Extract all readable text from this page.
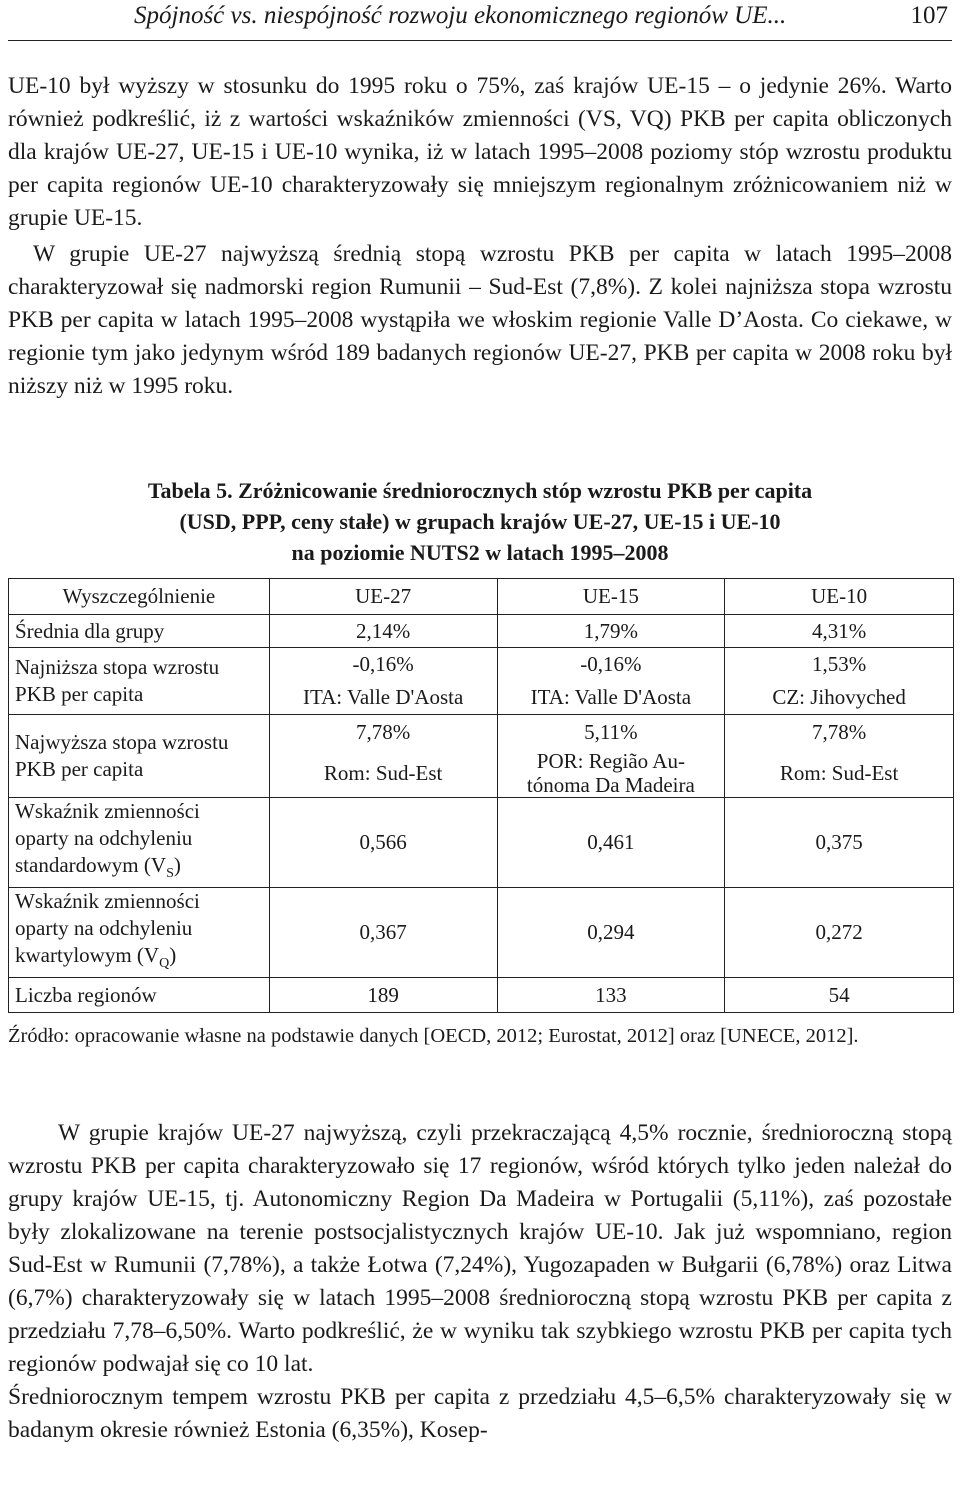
Spójność vs. niespójność rozwoju ekonomicznego regionów UE...	107

UE-10 był wyższy w stosunku do 1995 roku o 75%, zaś krajów UE-15 – o jedynie 26%. Warto również podkreślić, iż z wartości wskaźników zmienności (VS, VQ) PKB per capita obliczonych dla krajów UE-27, UE-15 i UE-10 wynika, iż w latach 1995–2008 poziomy stóp wzrostu produktu per capita regionów UE-10 charakteryzowały się mniejszym regionalnym zróżnicowaniem niż w grupie UE-15.

W grupie UE-27 najwyższą średnią stopą wzrostu PKB per capita w latach 1995–2008 charakteryzował się nadmorski region Rumunii – Sud-Est (7,8%). Z kolei najniższa stopa wzrostu PKB per capita w latach 1995–2008 wystąpiła we włoskim regionie Valle D’Aosta. Co ciekawe, w regionie tym jako jedynym wśród 189 badanych regionów UE-27, PKB per capita w 2008 roku był niższy niż w 1995 roku.

Tabela 5. Zróżnicowanie średniorocznych stóp wzrostu PKB per capita
(USD, PPP, ceny stałe) w grupach krajów UE-27, UE-15 i UE-10
na poziomie NUTS2 w latach 1995–2008
Wyszczególnienie	UE-27	UE-15	UE-10
Średnia dla grupy	2,14%	1,79%	4,31%

Najniższa stopa wzrostu
PKB per capita	-0,16%	-0,16%	1,53%
	ITA: Valle D'Aosta	ITA: Valle D'Aosta	CZ: Jihovyched

Najwyższa stopa wzrostu
PKB per capita	7,78%	5,11%	7,78%
	Rom: Sud-Est	POR: Região Au-
tónoma Da Madeira	Rom: Sud-Est

Wskaźnik zmienności
oparty na odchyleniu
standardowym $(V_S)$	0,566	0,461	0,375

Wskaźnik zmienności
oparty na odchyleniu
kwartylowym $(V_Q)$	0,367	0,294	0,272
Liczba regionów	189	133	54
Źródło: opracowanie własne na podstawie danych [OECD, 2012; Eurostat, 2012] oraz [UNECE, 2012].

W grupie krajów UE-27 najwyższą, czyli przekraczającą 4,5% rocznie, średnioroczną stopą wzrostu PKB per capita charakteryzowało się 17 regionów, wśród których tylko jeden należał do grupy krajów UE-15, tj. Autonomiczny Region Da Madeira w Portugalii (5,11%), zaś pozostałe były zlokalizowane na terenie postsocjalistycznych krajów UE-10. Jak już wspomniano, region Sud-Est w Rumunii (7,78%), a także Łotwa (7,24%), Yugozapaden w Bułgarii (6,78%) oraz Litwa (6,7%) charakteryzowały się w latach 1995–2008 średnioroczną stopą wzrostu PKB per capita z przedziału 7,78–6,50%. Warto podkreślić, że w wyniku tak szybkiego wzrostu PKB per capita tych regionów podwajał się co 10 lat.
Średniorocznym tempem wzrostu PKB per capita z przedziału 4,5–6,5% charakteryzowały się w badanym okresie również Estonia (6,35%), Kosep-
